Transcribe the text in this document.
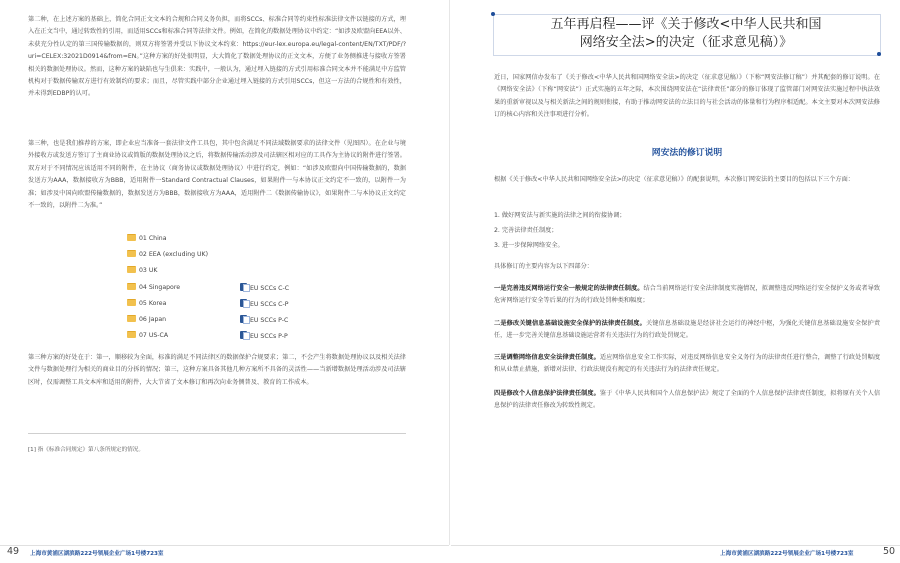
第二种，在上述方案的基础上，简化合同正文文本的合规和合同义务负担，而将SCCs、标准合同等约束性标准法律文件以链接的方式，埋入在正文当中，通过转致性的引用，而适用SCCs和标准合同等法律文件。例如，在简化的数据处理协议中约定：“如涉及欧盟向EEA以外、未获充分性认定的第三国传输数据的，则双方将签署并受以下协议文本约束：https://eur-lex.europa.eu/legal-content/EN/TXT/PDF/?uri=CELEX:32021D0914&from=EN。”这种方案的好处很明显，大大简化了数据处理协议的正文文本，方便了业务侧推进与接收方签署相关的数据处理协议。然而，这种方案的缺陷也与生俱来：实践中，一般认为，通过埋入链接的方式引用标准合同文本并不能满足中方监管机构对于数据传输双方进行有效制约的要求；而且，尽管实践中部分企业通过埋入链接的方式引用SCCs，但这一方法的合规性和有效性，并未得到EDBP的认可。

第三种，也是我们推荐的方案，即企业应当准备一套法律文件工具包，其中包含满足不同法域数据要求的法律文件（见图四）。在企业与境外接收方或发送方签订了主商业协议或简版的数据处理协议之后，将数据传输活动涉及司法辖区相对应的工具作为主协议的附件进行签署。双方对于不同情况应该适用不同的附件，在主协议（商务协议或数据处理协议）中进行约定，例如：“如涉及欧盟向中国传输数据的，数据发送方为AAA，数据接收方为BBB，适用附件一Standard Contractual Clauses，如果附件一与本协议正文约定不一致的，以附件一为准；如涉及中国向欧盟传输数据的，数据发送方为BBB，数据接收方为AAA，适用附件二《数据传输协议》，如果附件二与本协议正文约定不一致的，以附件二为准。”

01 China
02 EEA (excluding UK)
03 UK
04 Singapore	EU SCCs C-C
05 Korea	EU SCCs C-P
06 Japan	EU SCCs P-C
07 US-CA	EU SCCs P-P

第三种方案的好处在于：第一，顺移较为全面，标准的满足不同法律区的数据保护合规要求；第二，不会产生将数据处理协议以及相关法律文件与数据处理行为相关的商业目的分拆的情况；第三，这种方案具备其他几种方案所不具备的灵活性——当新增数据处理活动涉及司法辖区时，仅需调整工具文本库和适用的附件，大大节省了文本修订和再次向业务侧普及、教育的工作成本。

[1] 指《标准合同规定》第八条所规定的情况。

49 上海市黄浦区湖滨路222号领展企业广场1号楼723室
五年再启程——评《关于修改<中华人民共和国
网络安全法>的决定（征求意见稿）》

近日，国家网信办发布了《关于修改<中华人民共和国网络安全法>的决定（征求意见稿）》（下称“网安法修订稿”）并其配套的修订说明。在《网络安全法》（下称“网安法”）正式实施的五年之际，本次围绕网安法在“法律责任”部分的修订体现了监管部门对网安法实施过程中执法效果的重新审视以及与相关新法之间的规则衔接，有助于推动网安法的立法目的与社会活动的体量和行为程序相适配。本文主要对本次网安法修订的核心内容和关注事项进行分析。

网安法的修订说明

根据《关于修改<中华人民共和国网络安全法>的决定（征求意见稿）》的配套说明，本次修订网安法的主要目的包括以下三个方面：

1. 做好网安法与新实施的法律之间的衔接协调；

2. 完善法律责任制度；

3. 进一步保障网络安全。

具体修订的主要内容为以下四部分：

一是完善违反网络运行安全一般规定的法律责任制度。结合当前网络运行安全法律制度实施情况，拟调整违反网络运行安全保护义务或者导致危害网络运行安全等后果的行为的行政处罚种类和幅度；

二是修改关键信息基础设施安全保护的法律责任制度。关键信息基础设施是经济社会运行的神经中枢，为强化关键信息基础设施安全保护责任，进一步完善关键信息基础设施运营者有关违法行为的行政处罚规定。

三是调整网络信息安全法律责任制度。适应网络信息安全工作实际，对违反网络信息安全义务行为的法律责任进行整合，调整了行政处罚幅度和从业禁止措施，新增对法律、行政法规没有规定的有关违法行为的法律责任规定。

四是修改个人信息保护法律责任制度。鉴于《中华人民共和国个人信息保护法》规定了全面的个人信息保护法律责任制度，拟将原有关个人信息保护的法律责任修改为转致性规定。

上海市黄浦区湖滨路222号领展企业广场1号楼723室	50
